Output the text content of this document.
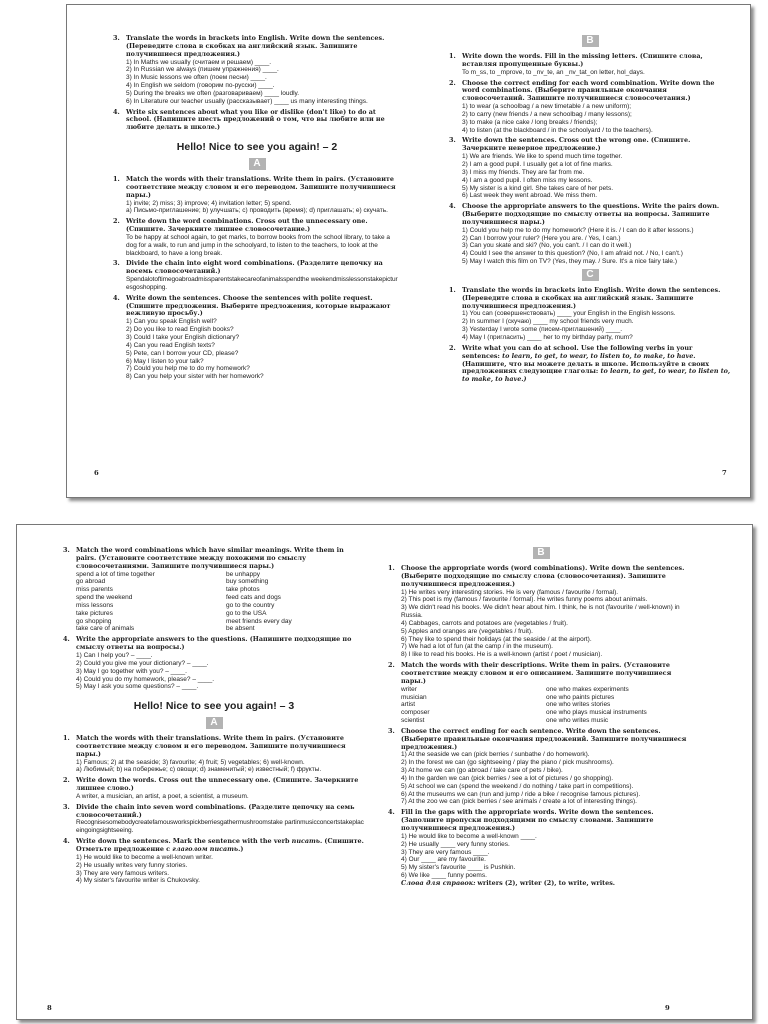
3. Translate the words in brackets into English. Write down the sentences. (Переведите слова в скобках на английский язык. Запишите получившиеся предложения.)
1) In Maths we usually (считаем и решаем) ____.
2) In Russian we always (пишем упражнения) ____.
3) In Music lessons we often (поем песни) ____.
4) In English we seldom (говорим по-русски) ____.
5) During the breaks we often (разговариваем) ____ loudly.
6) In Literature our teacher usually (рассказывает) ____ us many interesting things.
4. Write six sentences about what you like or dislike (don't like) to do at school. (Напишите шесть предложений о том, что вы любите или не любите делать в школе.)
Hello! Nice to see you again! – 2
A
1. Match the words with their translations. Write them in pairs. (Установите соответствие между словом и его переводом. Запишите получившиеся пары.)
1) invite; 2) miss; 3) improve; 4) invitation letter; 5) spend.
a) Письмо-приглашение; b) улучшать; c) проводить (время); d) приглашать; e) скучать.
2. Write down the word combinations. Cross out the unnecessary one. (Спишите. Зачеркните лишнее словосочетание.)
To be happy at school again, to get marks, to borrow books from the school library, to take a dog for a walk, to run and jump in the schoolyard, to listen to the teachers, to look at the blackboard, to have a long break.
3. Divide the chain into eight word combinations. (Разделите цепочку на восемь словосочетаний.)
Spendalotoftimegoabroadmissparentstakecareofanimalsspendthe weekendmisslessonstakepicturesgoshopping.
4. Write down the sentences. Choose the sentences with polite request. (Спишите предложения. Выберите предложения, которые выражают вежливую просьбу.)
1) Can you speak English well?
2) Do you like to read English books?
3) Could I take your English dictionary?
4) Can you read English texts?
5) Pete, can I borrow your CD, please?
6) May I listen to your talk?
7) Could you help me to do my homework?
8) Can you help your sister with her homework?
B
1. Write down the words. Fill in the missing letters. (Спишите слова, вставляя пропущенные буквы.)
To m_ss, to _mprove, to _nv_te, an _nv_tat_on letter, hol_days.
2. Choose the correct ending for each word combination. Write down the word combinations. (Выберите правильные окончания словосочетаний. Запишите получившиеся словосочетания.)
1) to wear (a schoolbag / a new timetable / a new uniform);
2) to carry (new friends / a new schoolbag / many lessons);
3) to make (a nice cake / long breaks / friends);
4) to listen (at the blackboard / in the schoolyard / to the teachers).
3. Write down the sentences. Cross out the wrong one. (Спишите. Зачеркните неверное предложение.)
1) We are friends. We like to spend much time together.
2) I am a good pupil. I usually get a lot of fine marks.
3) I miss my friends. They are far from me.
4) I am a good pupil. I often miss my lessons.
5) My sister is a kind girl. She takes care of her pets.
6) Last week they went abroad. We miss them.
4. Choose the appropriate answers to the questions. Write the pairs down. (Выберите подходящие по смыслу ответы на вопросы. Запишите получившиеся пары.)
1) Could you help me to do my homework? (Here it is. / I can do it after lessons.)
2) Can I borrow your ruler? (Here you are. / Yes, I can.)
3) Can you skate and ski? (No, you can't. / I can do it well.)
4) Could I see the answer to this question? (No, I am afraid not. / No, I can't.)
5) May I watch this film on TV? (Yes, they may. / Sure. It's a nice fairy tale.)
C
1. Translate the words in brackets into English. Write down the sentences. (Переведите слова в скобках на английский язык. Запишите получившиеся предложения.)
1) You can (совершенствовать) ____ your English in the English lessons.
2) In summer I (скучаю) ____ my school friends very much.
3) Yesterday I wrote some (писем-приглашений) ____.
4) May I (пригласить) ____ her to my birthday party, mum?
2. Write what you can do at school. Use the following verbs in your sentences: to learn, to get, to wear, to listen to, to make, to have. (Напишите, что вы можете делать в школе. Используйте в своих предложениях следующие глаголы: to learn, to get, to wear, to listen to, to make, to have.)
6	7
3. Match the word combinations which have similar meanings. Write them in pairs. (Установите соответствие между похожими по смыслу словосочетаниями. Запишите получившиеся пары.)
spend a lot of time together	be unhappy
go abroad	buy something
miss parents	take photos
spend the weekend	feed cats and dogs
miss lessons	go to the country
take pictures	go to the USA
go shopping	meet friends every day
take care of animals	be absent
4. Write the appropriate answers to the questions. (Напишите подходящие по смыслу ответы на вопросы.)
1) Can I help you? – ____.
2) Could you give me your dictionary? – ____.
3) May I go together with you? – ____.
4) Could you do my homework, please? – ____.
5) May I ask you some questions? – ____.
Hello! Nice to see you again! – 3
A
1. Match the words with their translations. Write them in pairs. (Установите соответствие между словом и его переводом. Запишите получившиеся пары.)
1) Famous; 2) at the seaside; 3) favourite; 4) fruit; 5) vegetables; 6) well-known.
a) Любимый; b) на побережье; c) овощи; d) знаменитый; e) известный; f) фрукты.
2. Write down the words. Cross out the unnecessary one. (Спишите. Зачеркните лишнее слово.)
A writer, a musician, an artist, a poet, a scientist, a museum.
3. Divide the chain into seven word combinations. (Разделите цепочку на семь словосочетаний.)
Recognisesomebodycreatefamousworkspickberriesgathermushroomstake partinmusicconcertstakeplaceingoingsightseeing.
4. Write down the sentences. Mark the sentence with the verb писать. (Спишите. Отметьте предложение с глаголом писать.)
1) He would like to become a well-known writer.
2) He usually writes very funny stories.
3) They are very famous writers.
4) My sister's favourite writer is Chukovsky.
B
1. Choose the appropriate words (word combinations). Write down the sentences. (Выберите подходящие по смыслу слова (словосочетания). Запишите получившиеся предложения.)
1) He writes very interesting stories. He is very (famous / favourite / formal).
2) This poet is my (famous / favourite / formal). He writes funny poems about animals.
3) We didn't read his books. We didn't hear about him. I think, he is not (favourite / well-known) in Russia.
4) Cabbages, carrots and potatoes are (vegetables / fruit).
5) Apples and oranges are (vegetables / fruit).
6) They like to spend their holidays (at the seaside / at the airport).
7) We had a lot of fun (at the camp / in the museum).
8) I like to read his books. He is a well-known (artist / poet / musician).
2. Match the words with their descriptions. Write them in pairs. (Установите соответствие между словом и его описанием. Запишите получившиеся пары.)
writer	one who makes experiments
musician	one who paints pictures
artist	one who writes stories
composer	one who plays musical instruments
scientist	one who writes music
3. Choose the correct ending for each sentence. Write down the sentences. (Выберите правильные окончания предложений. Запишите получившиеся предложения.)
1) At the seaside we can (pick berries / sunbathe / do homework).
2) In the forest we can (go sightseeing / play the piano / pick mushrooms).
3) At home we can (go abroad / take care of pets / bike).
4) In the garden we can (pick berries / see a lot of pictures / go shopping).
5) At school we can (spend the weekend / do nothing / take part in competitions).
6) At the museums we can (run and jump / ride a bike / recognise famous pictures).
7) At the zoo we can (pick berries / see animals / create a lot of interesting things).
4. Fill in the gaps with the appropriate words. Write down the sentences. (Заполните пропуски подходящими по смыслу словами. Запишите получившиеся предложения.)
1) He would like to become a well-known ____.
2) He usually ____ very funny stories.
3) They are very famous ____.
4) Our ____ are my favourite.
5) My sister's favourite ____ is Pushkin.
6) We like ____ funny poems.
Слова для справок: writers (2), writer (2), to write, writes.
8	9
